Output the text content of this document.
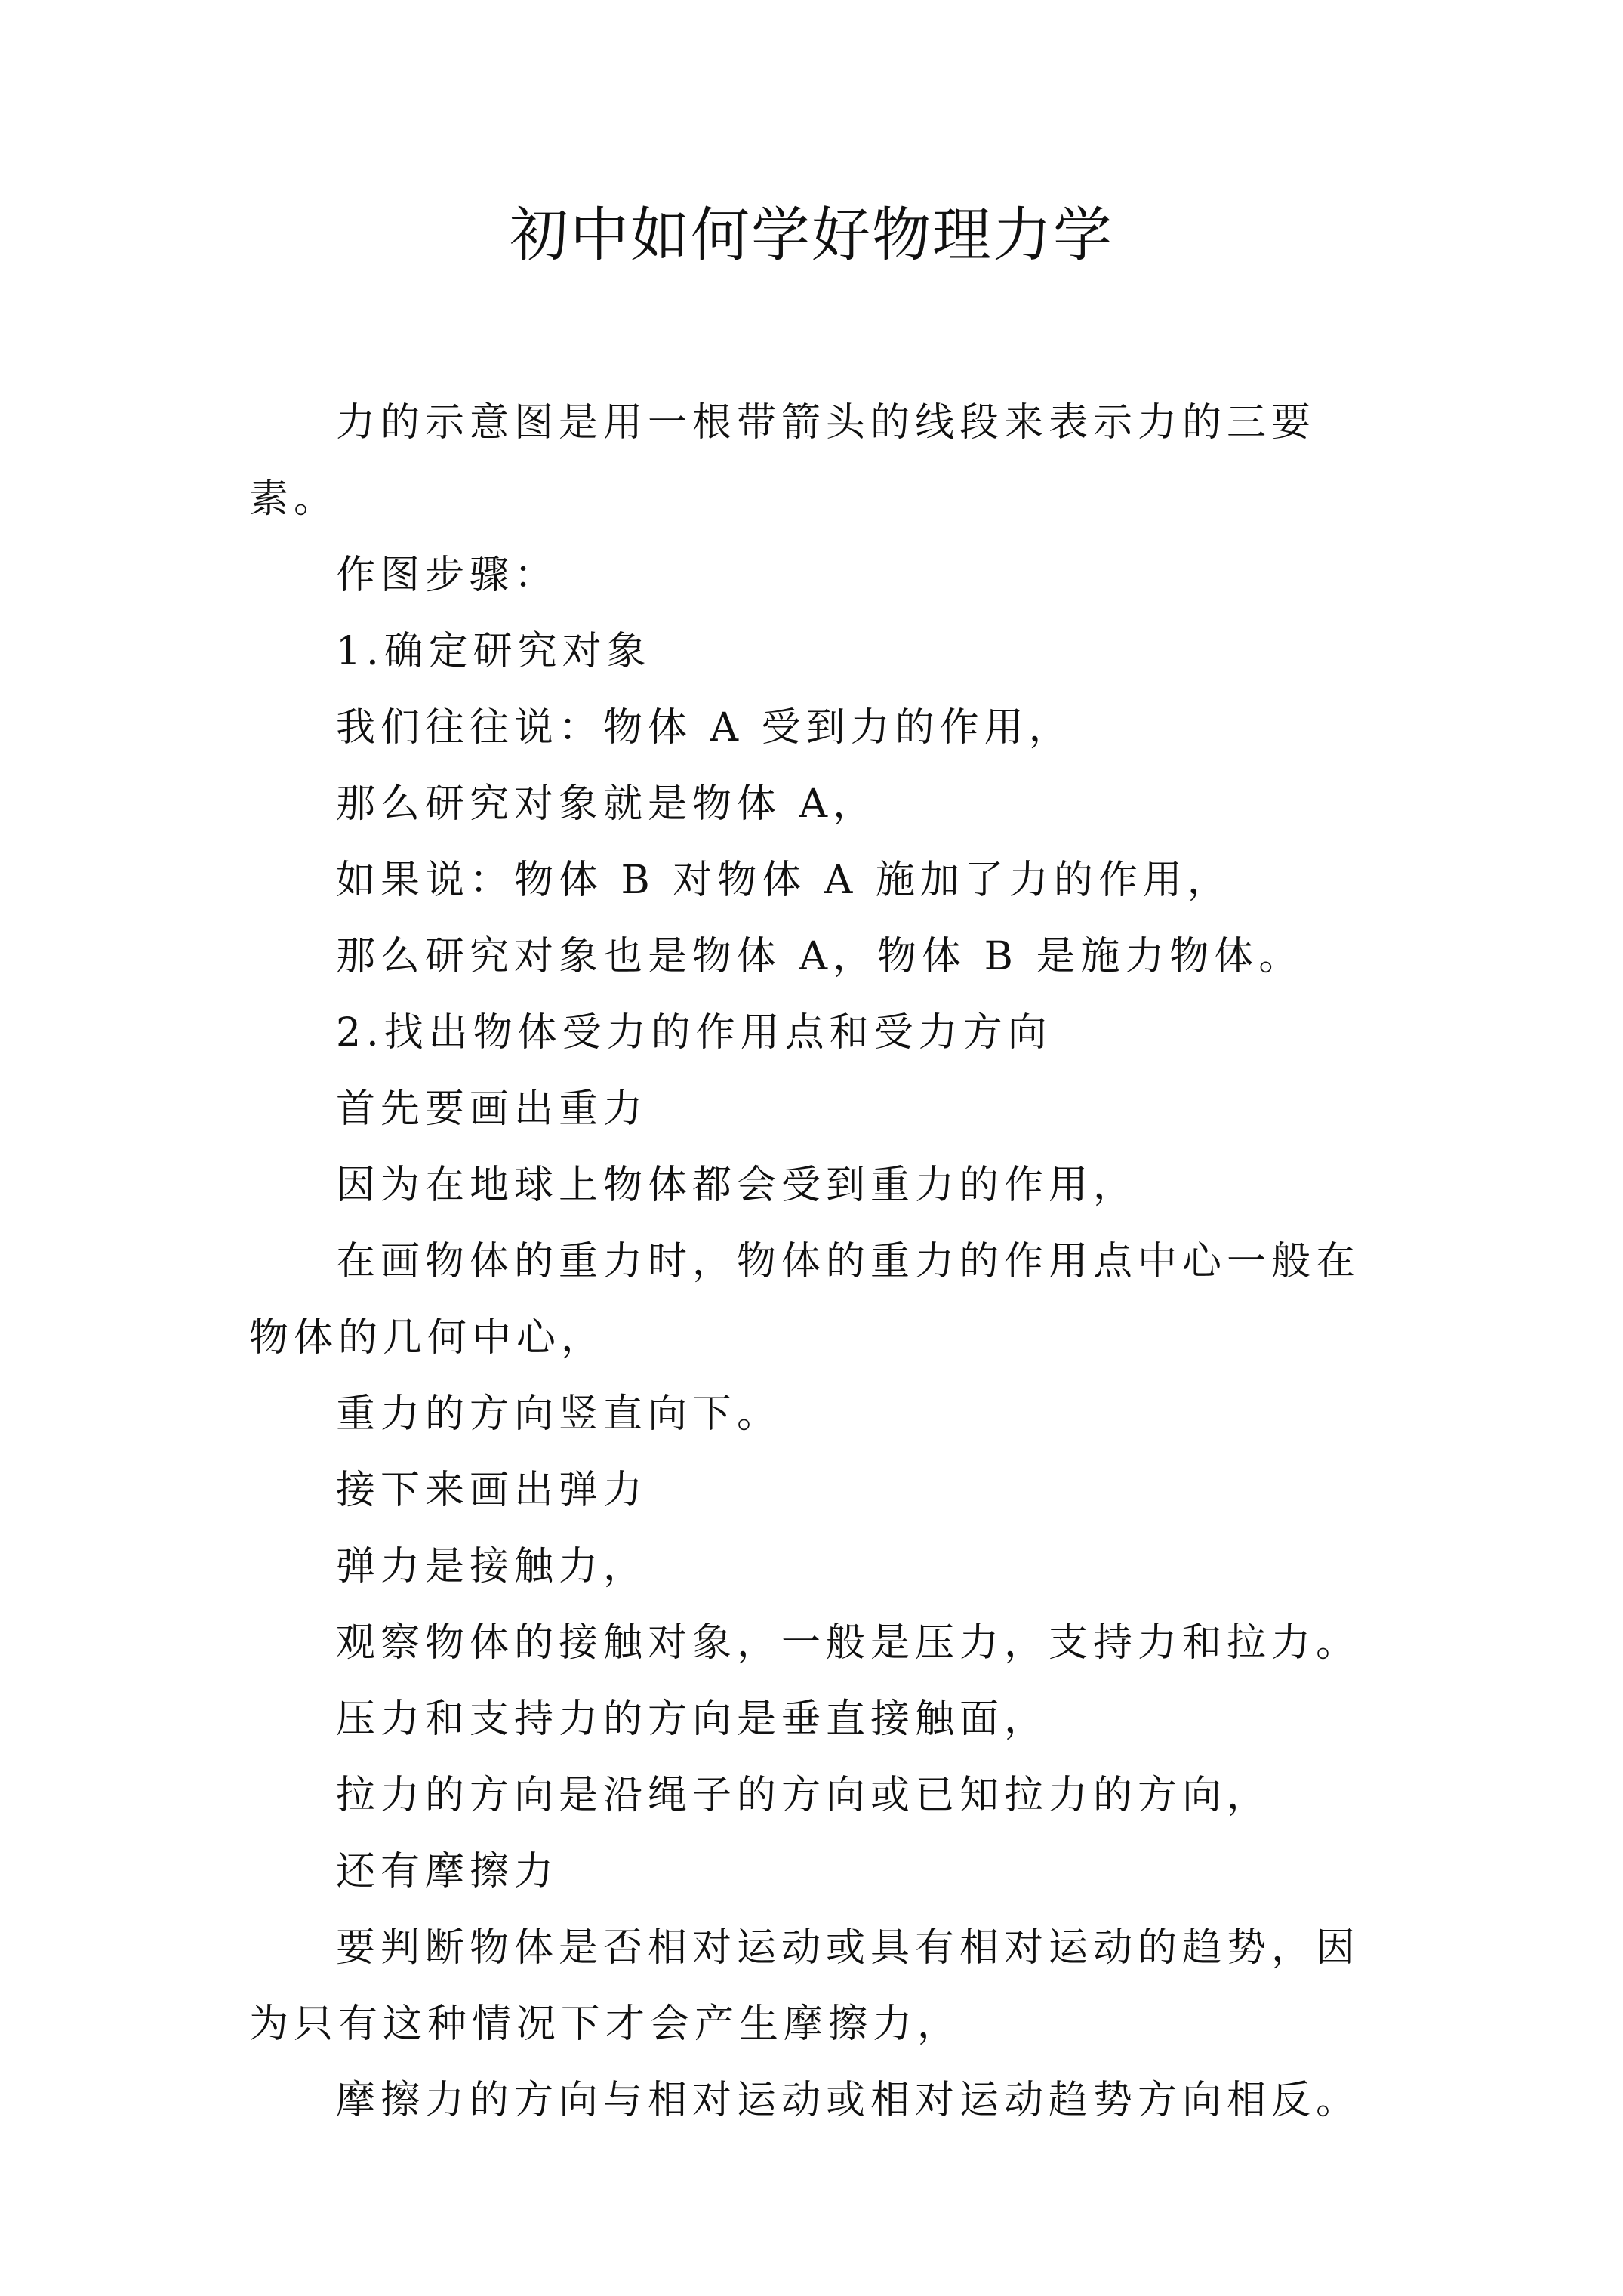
初中如何学好物理力学

力的示意图是用一根带箭头的线段来表示力的三要素。

作图步骤：

1.确定研究对象

我们往往说：物体 A 受到力的作用，

那么研究对象就是物体 A，

如果说：物体 B 对物体 A 施加了力的作用，

那么研究对象也是物体 A，物体 B 是施力物体。

2.找出物体受力的作用点和受力方向

首先要画出重力

因为在地球上物体都会受到重力的作用，

在画物体的重力时，物体的重力的作用点中心一般在物体的几何中心，

重力的方向竖直向下。

接下来画出弹力

弹力是接触力，

观察物体的接触对象，一般是压力，支持力和拉力。

压力和支持力的方向是垂直接触面，

拉力的方向是沿绳子的方向或已知拉力的方向，

还有摩擦力

要判断物体是否相对运动或具有相对运动的趋势，因为只有这种情况下才会产生摩擦力，

摩擦力的方向与相对运动或相对运动趋势方向相反。
